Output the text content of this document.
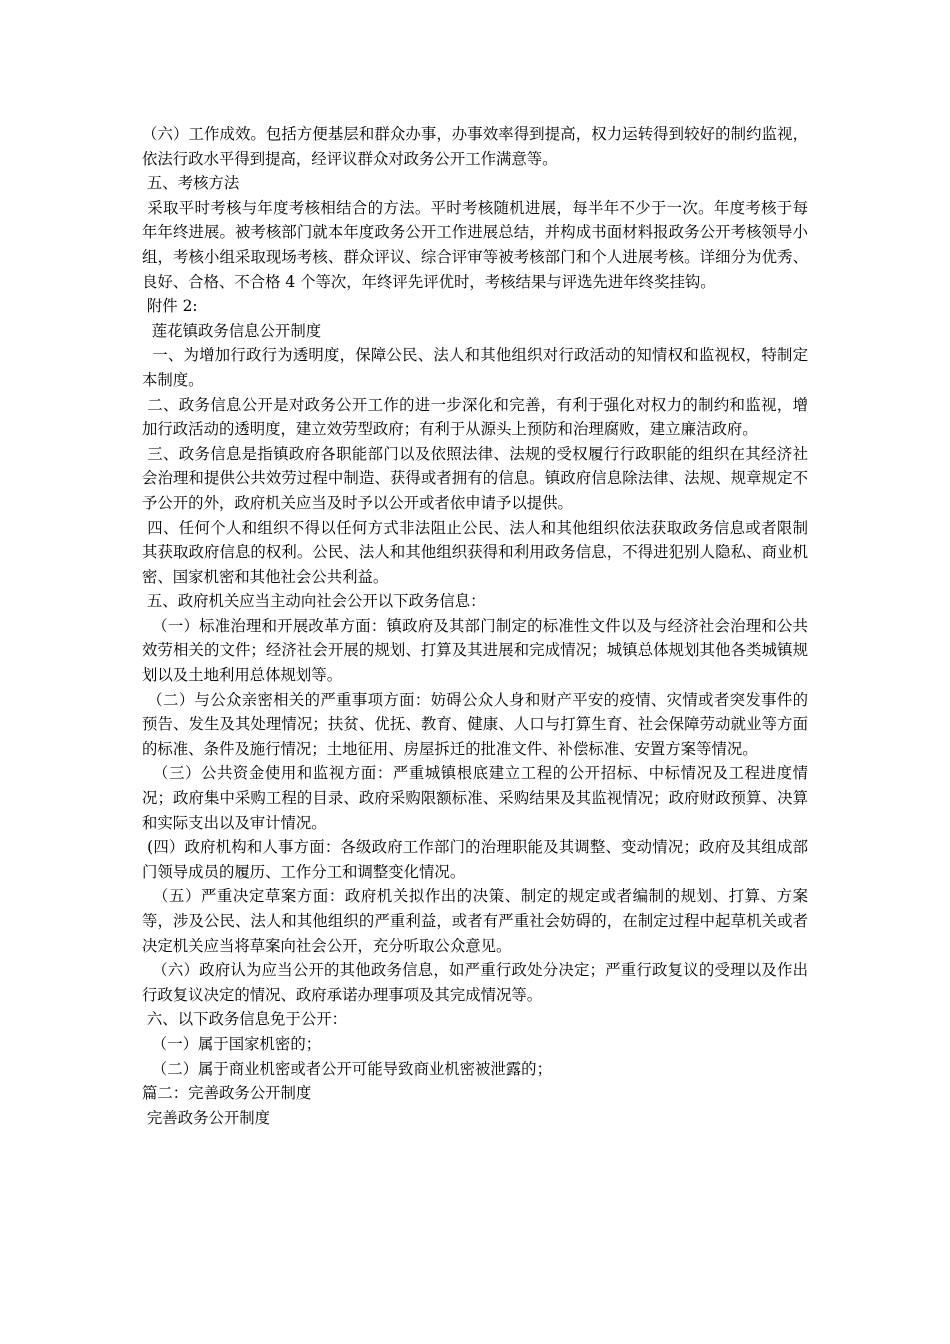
（六）工作成效。包括方便基层和群众办事，办事效率得到提高，权力运转得到较好的制约监视，依法行政水平得到提高，经评议群众对政务公开工作满意等。

五、考核方法

采取平时考核与年度考核相结合的方法。平时考核随机进展，每半年不少于一次。年度考核于每年年终进展。被考核部门就本年度政务公开工作进展总结，并构成书面材料报政务公开考核领导小组，考核小组采取现场考核、群众评议、综合评审等被考核部门和个人进展考核。详细分为优秀、良好、合格、不合格 4 个等次，年终评先评优时，考核结果与评选先进年终奖挂钩。

附件 2:

莲花镇政务信息公开制度

一、为增加行政行为透明度，保障公民、法人和其他组织对行政活动的知情权和监视权，特制定本制度。

二、政务信息公开是对政务公开工作的进一步深化和完善，有利于强化对权力的制约和监视，增加行政活动的透明度，建立效劳型政府；有利于从源头上预防和治理腐败，建立廉洁政府。

三、政务信息是指镇政府各职能部门以及依照法律、法规的受权履行行政职能的组织在其经济社会治理和提供公共效劳过程中制造、获得或者拥有的信息。镇政府信息除法律、法规、规章规定不予公开的外，政府机关应当及时予以公开或者依申请予以提供。

四、任何个人和组织不得以任何方式非法阻止公民、法人和其他组织依法获取政务信息或者限制其获取政府信息的权利。公民、法人和其他组织获得和利用政务信息，不得进犯别人隐私、商业机密、国家机密和其他社会公共利益。

五、政府机关应当主动向社会公开以下政务信息：

（一）标准治理和开展改革方面：镇政府及其部门制定的标准性文件以及与经济社会治理和公共效劳相关的文件；经济社会开展的规划、打算及其进展和完成情况；城镇总体规划其他各类城镇规划以及土地利用总体规划等。

（二）与公众亲密相关的严重事项方面：妨碍公众人身和财产平安的疫情、灾情或者突发事件的预告、发生及其处理情况；扶贫、优抚、教育、健康、人口与打算生育、社会保障劳动就业等方面的标准、条件及施行情况；土地征用、房屋拆迁的批准文件、补偿标准、安置方案等情况。

（三）公共资金使用和监视方面：严重城镇根底建立工程的公开招标、中标情况及工程进度情况；政府集中采购工程的目录、政府采购限额标准、采购结果及其监视情况；政府财政预算、决算和实际支出以及审计情况。

(四）政府机构和人事方面：各级政府工作部门的治理职能及其调整、变动情况；政府及其组成部门领导成员的履历、工作分工和调整变化情况。

（五）严重决定草案方面：政府机关拟作出的决策、制定的规定或者编制的规划、打算、方案等，涉及公民、法人和其他组织的严重利益，或者有严重社会妨碍的，在制定过程中起草机关或者决定机关应当将草案向社会公开，充分听取公众意见。

（六）政府认为应当公开的其他政务信息，如严重行政处分决定；严重行政复议的受理以及作出行政复议决定的情况、政府承诺办理事项及其完成情况等。

六、以下政务信息免于公开：

（一）属于国家机密的；

（二）属于商业机密或者公开可能导致商业机密被泄露的；

篇二：完善政务公开制度

完善政务公开制度
